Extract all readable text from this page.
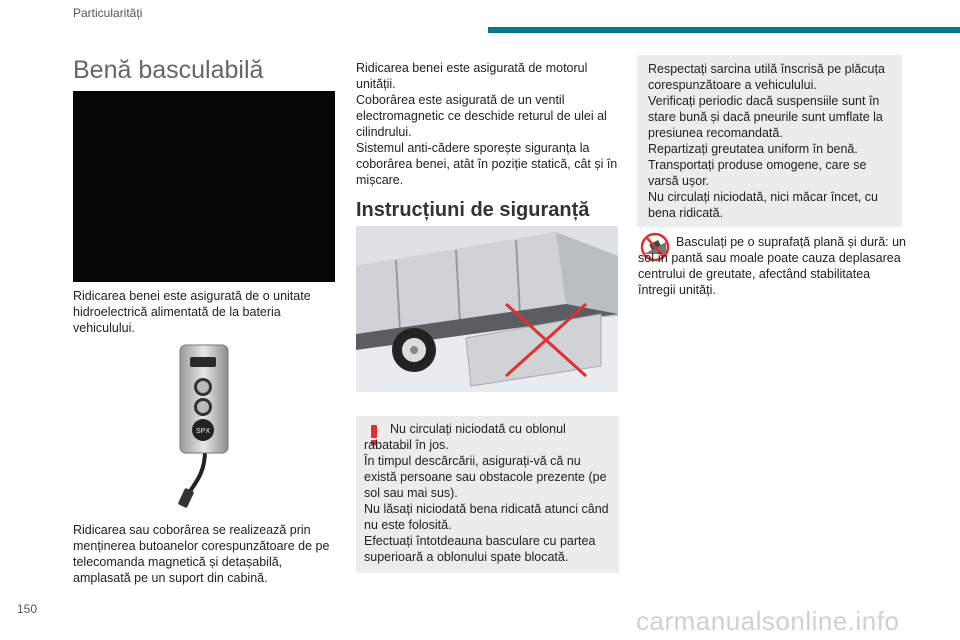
Particularități
Benă basculabilă

Ridicarea benei este asigurată de o unitate hidroelectrică alimentată de la bateria vehiculului.

SPX

Ridicarea sau coborârea se realizează prin menținerea butoanelor corespunzătoare de pe telecomanda magnetică și detașabilă, amplasată pe un suport din cabină.

Ridicarea benei este asigurată de motorul unității.
Coborârea este asigurată de un ventil electromagnetic ce deschide returul de ulei al cilindrului.
Sistemul anti-cădere sporește siguranța la coborârea benei, atât în poziție statică, cât și în mișcare.

Instrucțiuni de siguranță

Nu circulați niciodată cu oblonul rabatabil în jos.
În timpul descărcării, asigurați-vă că nu există persoane sau obstacole prezente (pe sol sau mai sus).
Nu lăsați niciodată bena ridicată atunci când nu este folosită.
Efectuați întotdeauna basculare cu partea superioară a oblonului spate blocată.

Respectați sarcina utilă înscrisă pe plăcuța corespunzătoare a vehiculului.
Verificați periodic dacă suspensiile sunt în stare bună și dacă pneurile sunt umflate la presiunea recomandată.
Repartizați greutatea uniform în benă.
Transportați produse omogene, care se varsă ușor.
Nu circulați niciodată, nici măcar încet, cu bena ridicată.

Basculați pe o suprafață plană și dură: un sol în pantă sau moale poate cauza deplasarea centrului de greutate, afectând stabilitatea întregii unități.

150	carmanualsonline.info
